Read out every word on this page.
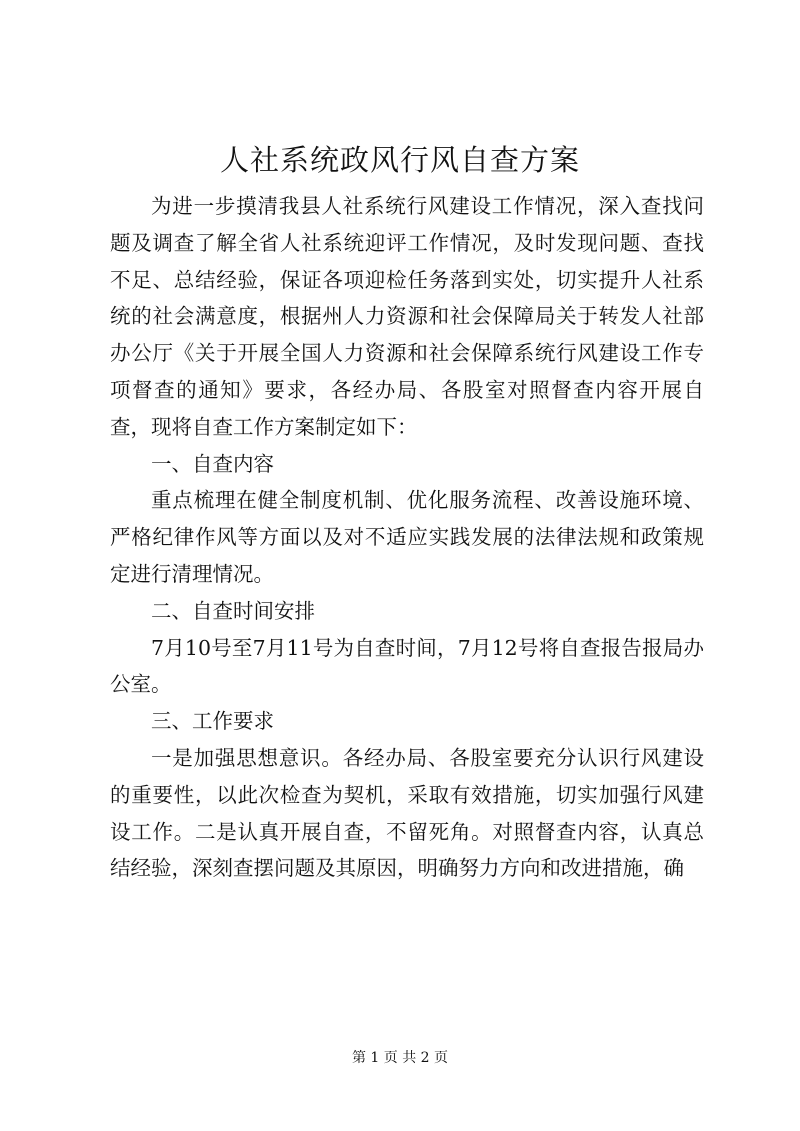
人社系统政风行风自查方案

为进一步摸清我县人社系统行风建设工作情况，深入查找问题及调查了解全省人社系统迎评工作情况，及时发现问题、查找不足、总结经验，保证各项迎检任务落到实处，切实提升人社系统的社会满意度，根据州人力资源和社会保障局关于转发人社部办公厅《关于开展全国人力资源和社会保障系统行风建设工作专项督查的通知》要求，各经办局、各股室对照督查内容开展自查，现将自查工作方案制定如下：

一、自查内容

重点梳理在健全制度机制、优化服务流程、改善设施环境、严格纪律作风等方面以及对不适应实践发展的法律法规和政策规定进行清理情况。

二、自查时间安排

7月10号至7月11号为自查时间，7月12号将自查报告报局办公室。

三、工作要求

一是加强思想意识。各经办局、各股室要充分认识行风建设的重要性，以此次检查为契机，采取有效措施，切实加强行风建设工作。二是认真开展自查，不留死角。对照督查内容，认真总结经验，深刻查摆问题及其原因，明确努力方向和改进措施，确

第 1 页 共 2 页
